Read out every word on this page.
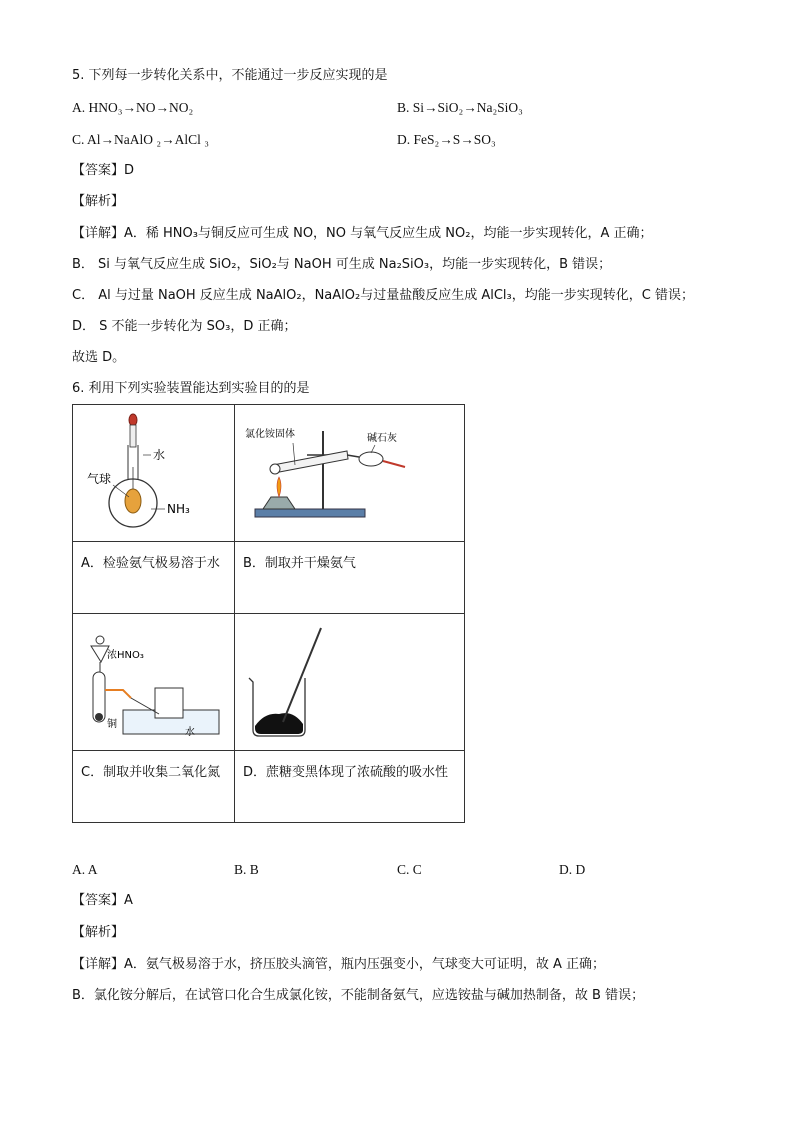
5. 下列每一步转化关系中，不能通过一步反应实现的是
A. HNO₃→NO→NO₂	B. Si→SiO₂→Na₂SiO₃
C. Al→NaAlO ₂→AlCl ₃	D. FeS₂→S→SO₃
【答案】D
【解析】
【详解】A．稀 HNO₃与铜反应可生成 NO，NO 与氧气反应生成 NO₂，均能一步实现转化，A 正确；
B． Si 与氧气反应生成 SiO₂，SiO₂与 NaOH 可生成 Na₂SiO₃，均能一步实现转化，B 错误；
C． Al 与过量 NaOH 反应生成 NaAlO₂，NaAlO₂与过量盐酸反应生成 AlCl₃，均能一步实现转化，C 错误；
D． S 不能一步转化为 SO₃，D 正确；
故选 D。
6. 利用下列实验装置能达到实验目的的是
气球
水
NH₃	氯化铵固体 碱石灰

A．检验氨气极易溶于水	B．制取并干燥氨气

浓HNO₃
铜
水

C．制取并收集二氧化氮	D．蔗糖变黑体现了浓硫酸的吸水性
A. A	B. B	C. C	D. D
【答案】A
【解析】
【详解】A．氨气极易溶于水，挤压胶头滴管，瓶内压强变小，气球变大可证明，故 A 正确；
B．氯化铵分解后，在试管口化合生成氯化铵，不能制备氨气，应选铵盐与碱加热制备，故 B 错误；
